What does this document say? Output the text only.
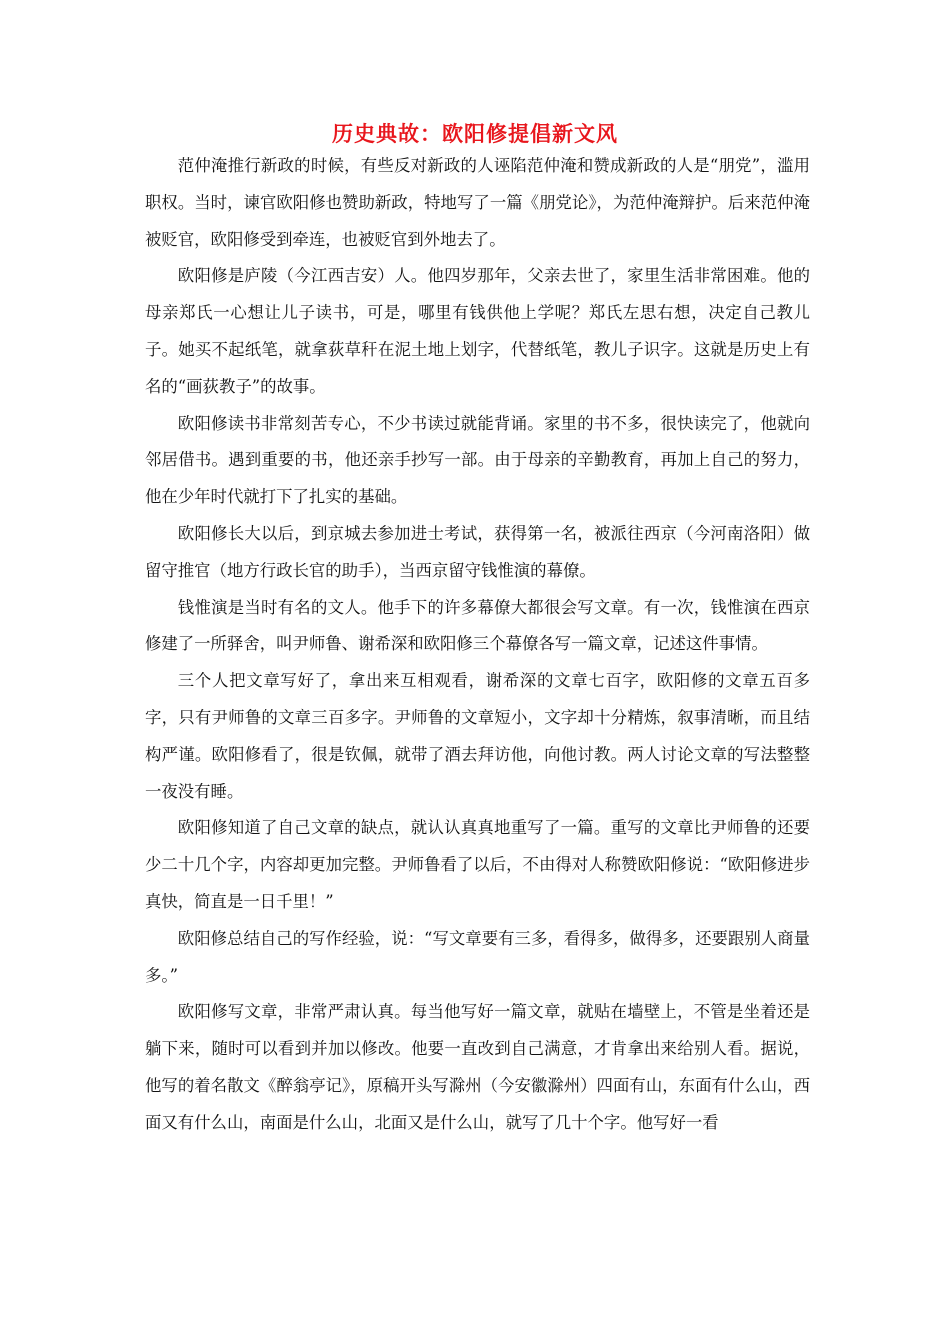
历史典故：欧阳修提倡新文风

范仲淹推行新政的时候，有些反对新政的人诬陷范仲淹和赞成新政的人是“朋党”，滥用职权。当时，谏官欧阳修也赞助新政，特地写了一篇《朋党论》，为范仲淹辩护。后来范仲淹被贬官，欧阳修受到牵连，也被贬官到外地去了。

欧阳修是庐陵（今江西吉安）人。他四岁那年，父亲去世了，家里生活非常困难。他的母亲郑氏一心想让儿子读书，可是，哪里有钱供他上学呢？郑氏左思右想，决定自己教儿子。她买不起纸笔，就拿荻草秆在泥土地上划字，代替纸笔，教儿子识字。这就是历史上有名的“画荻教子”的故事。

欧阳修读书非常刻苦专心，不少书读过就能背诵。家里的书不多，很快读完了，他就向邻居借书。遇到重要的书，他还亲手抄写一部。由于母亲的辛勤教育，再加上自己的努力，他在少年时代就打下了扎实的基础。

欧阳修长大以后，到京城去参加进士考试，获得第一名，被派往西京（今河南洛阳）做留守推官（地方行政长官的助手），当西京留守钱惟演的幕僚。

钱惟演是当时有名的文人。他手下的许多幕僚大都很会写文章。有一次，钱惟演在西京修建了一所驿舍，叫尹师鲁、谢希深和欧阳修三个幕僚各写一篇文章，记述这件事情。

三个人把文章写好了，拿出来互相观看，谢希深的文章七百字，欧阳修的文章五百多字，只有尹师鲁的文章三百多字。尹师鲁的文章短小，文字却十分精炼，叙事清晰，而且结构严谨。欧阳修看了，很是钦佩，就带了酒去拜访他，向他讨教。两人讨论文章的写法整整一夜没有睡。

欧阳修知道了自己文章的缺点，就认认真真地重写了一篇。重写的文章比尹师鲁的还要少二十几个字，内容却更加完整。尹师鲁看了以后，不由得对人称赞欧阳修说：“欧阳修进步真快，简直是一日千里！”

欧阳修总结自己的写作经验，说：“写文章要有三多，看得多，做得多，还要跟别人商量多。”

欧阳修写文章，非常严肃认真。每当他写好一篇文章，就贴在墙壁上，不管是坐着还是躺下来，随时可以看到并加以修改。他要一直改到自己满意，才肯拿出来给别人看。据说，他写的着名散文《醉翁亭记》，原稿开头写滁州（今安徽滁州）四面有山，东面有什么山，西面又有什么山，南面是什么山，北面又是什么山，就写了几十个字。他写好一看
